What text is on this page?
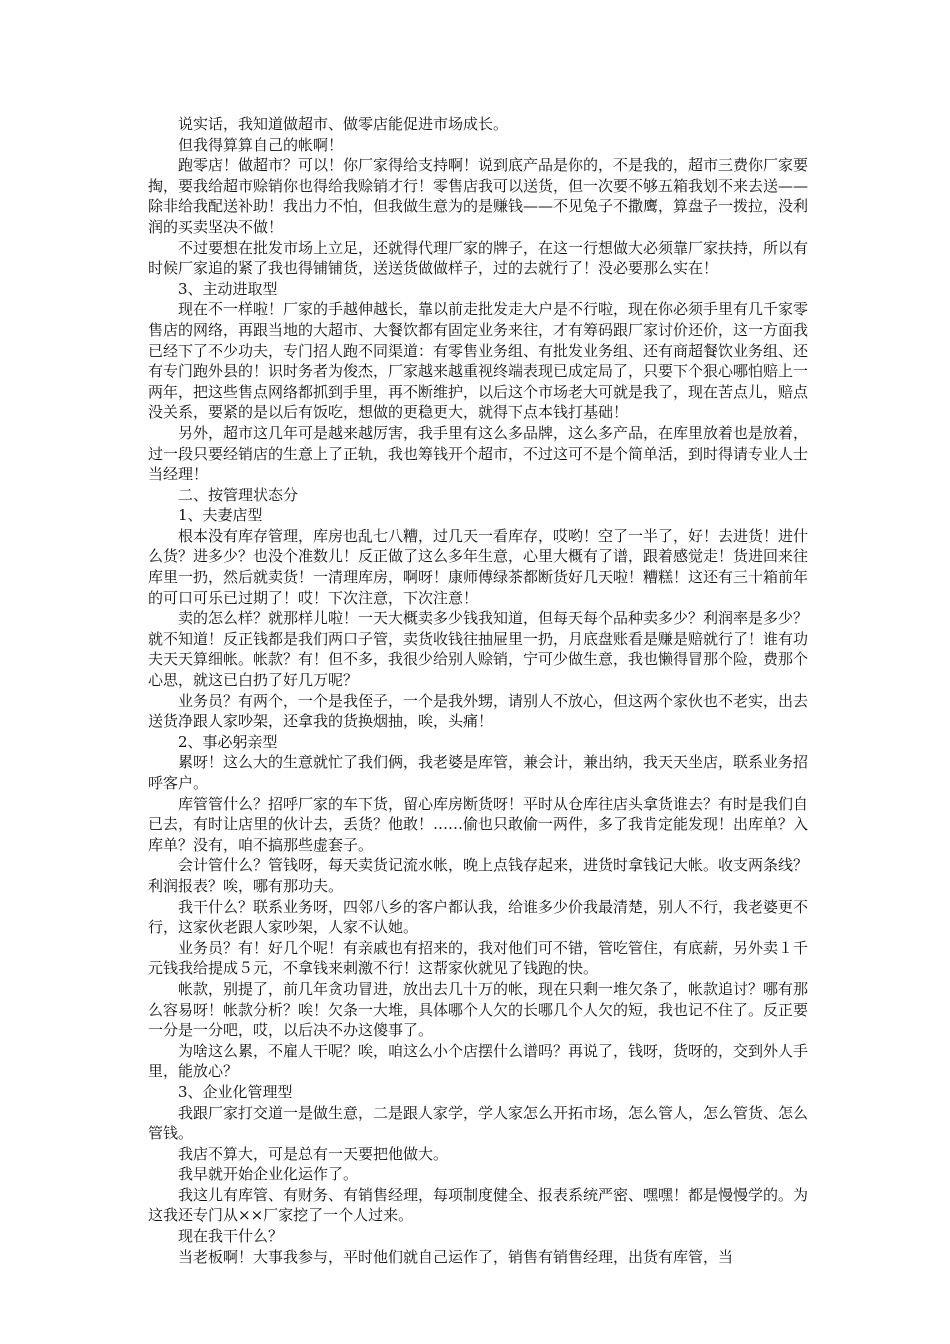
说实话，我知道做超市、做零店能促进市场成长。

但我得算算自己的帐啊！

跑零店！做超市？可以！你厂家得给支持啊！说到底产品是你的，不是我的，超市三费你厂家要掏，要我给超市赊销你也得给我赊销才行！零售店我可以送货，但一次要不够五箱我划不来去送——除非给我配送补助！我出力不怕，但我做生意为的是赚钱——不见兔子不撒鹰，算盘子一拨拉，没利润的买卖坚决不做！

不过要想在批发市场上立足，还就得代理厂家的牌子，在这一行想做大必须靠厂家扶持，所以有时候厂家追的紧了我也得铺铺货，送送货做做样子，过的去就行了！没必要那么实在！

3、主动进取型

现在不一样啦！厂家的手越伸越长，靠以前走批发走大户是不行啦，现在你必须手里有几千家零售店的网络，再跟当地的大超市、大餐饮都有固定业务来往，才有筹码跟厂家讨价还价，这一方面我已经下了不少功夫，专门招人跑不同渠道：有零售业务组、有批发业务组、还有商超餐饮业务组、还有专门跑外县的！识时务者为俊杰，厂家越来越重视终端表现已成定局了，只要下个狠心哪怕赔上一两年，把这些售点网络都抓到手里，再不断维护，以后这个市场老大可就是我了，现在苦点儿，赔点没关系，要紧的是以后有饭吃，想做的更稳更大，就得下点本钱打基础！

另外，超市这几年可是越来越厉害，我手里有这么多品牌，这么多产品，在库里放着也是放着，过一段只要经销店的生意上了正轨，我也筹钱开个超市，不过这可不是个简单活，到时得请专业人士当经理！

二、按管理状态分

1、夫妻店型

根本没有库存管理，库房也乱七八糟，过几天一看库存，哎哟！空了一半了，好！去进货！进什么货？进多少？也没个准数儿！反正做了这么多年生意，心里大概有了谱，跟着感觉走！货进回来往库里一扔，然后就卖货！一清理库房，啊呀！康师傅绿茶都断货好几天啦！糟糕！这还有三十箱前年的可口可乐已过期了！哎！下次注意，下次注意！

卖的怎么样？就那样儿啦！一天大概卖多少钱我知道，但每天每个品种卖多少？利润率是多少？就不知道！反正钱都是我们两口子管，卖货收钱往抽屉里一扔，月底盘账看是赚是赔就行了！谁有功夫天天算细帐。帐款？有！但不多，我很少给别人赊销，宁可少做生意，我也懒得冒那个险，费那个心思，就这已白扔了好几万呢？

业务员？有两个，一个是我侄子，一个是我外甥，请别人不放心，但这两个家伙也不老实，出去送货净跟人家吵架，还拿我的货换烟抽，唉，头痛！

2、事必躬亲型

累呀！这么大的生意就忙了我们俩，我老婆是库管，兼会计，兼出纳，我天天坐店，联系业务招呼客户。

库管管什么？招呼厂家的车下货，留心库房断货呀！平时从仓库往店头拿货谁去？有时是我们自已去，有时让店里的伙计去，丢货？他敢！……偷也只敢偷一两件，多了我肯定能发现！出库单？入库单？没有，咱不搞那些虚套子。

会计管什么？管钱呀，每天卖货记流水帐，晚上点钱存起来，进货时拿钱记大帐。收支两条线？利润报表？唉，哪有那功夫。

我干什么？联系业务呀，四邻八乡的客户都认我，给谁多少价我最清楚，别人不行，我老婆更不行，这家伙老跟人家吵架，人家不认她。

业务员？有！好几个呢！有亲戚也有招来的，我对他们可不错，管吃管住，有底薪，另外卖１千元钱我给提成５元，不拿钱来刺激不行！这帮家伙就见了钱跑的快。

帐款，别提了，前几年贪功冒进，放出去几十万的帐，现在只剩一堆欠条了，帐款追讨？哪有那么容易呀！帐款分析？唉！欠条一大堆，具体哪个人欠的长哪几个人欠的短，我也记不住了。反正要一分是一分吧，哎，以后决不办这傻事了。

为啥这么累，不雇人干呢？唉，咱这么小个店摆什么谱吗？再说了，钱呀，货呀的，交到外人手里，能放心？

3、企业化管理型

我跟厂家打交道一是做生意，二是跟人家学，学人家怎么开拓市场，怎么管人，怎么管货、怎么管钱。

我店不算大，可是总有一天要把他做大。

我早就开始企业化运作了。

我这儿有库管、有财务、有销售经理，每项制度健全、报表系统严密、嘿嘿！都是慢慢学的。为这我还专门从××厂家挖了一个人过来。

现在我干什么？

当老板啊！大事我参与，平时他们就自己运作了，销售有销售经理，出货有库管，当
